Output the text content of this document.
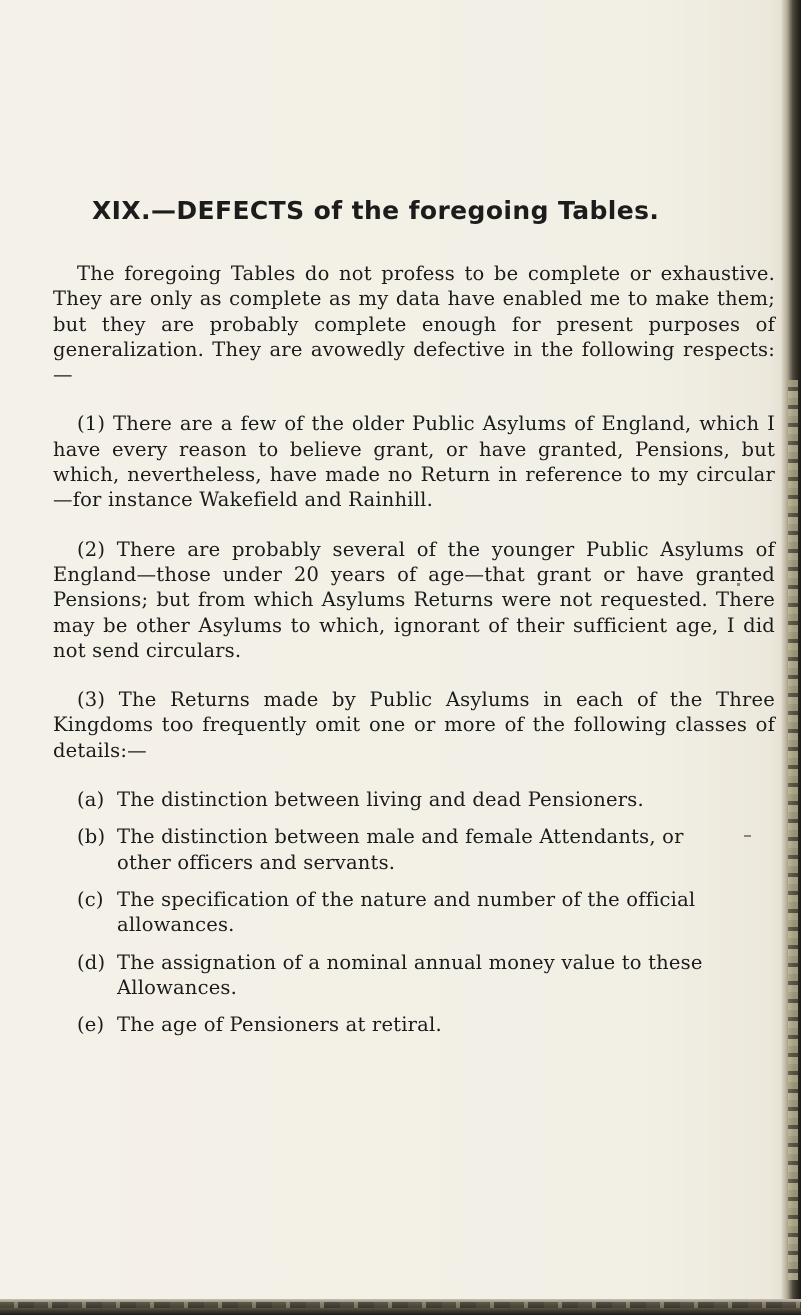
XIX.—DEFECTS of the foregoing Tables.

The foregoing Tables do not profess to be complete or exhaustive. They are only as complete as my data have enabled me to make them; but they are probably complete enough for present purposes of generalization. They are avowedly defective in the following respects:—

(1) There are a few of the older Public Asylums of England, which I have every reason to believe grant, or have granted, Pensions, but which, nevertheless, have made no Return in reference to my circular—for instance Wakefield and Rainhill.

(2) There are probably several of the younger Public Asylums of England—those under 20 years of age—that grant or have granted Pensions; but from which Asylums Returns were not requested. There may be other Asylums to which, ignorant of their sufficient age, I did not send circulars.

(3) The Returns made by Public Asylums in each of the Three Kingdoms too frequently omit one or more of the following classes of details:—

(a) The distinction between living and dead Pensioners.
(b) The distinction between male and female Attendants, or other officers and servants.
(c) The specification of the nature and number of the official allowances.
(d) The assignation of a nominal annual money value to these Allowances.
(e) The age of Pensioners at retiral.
